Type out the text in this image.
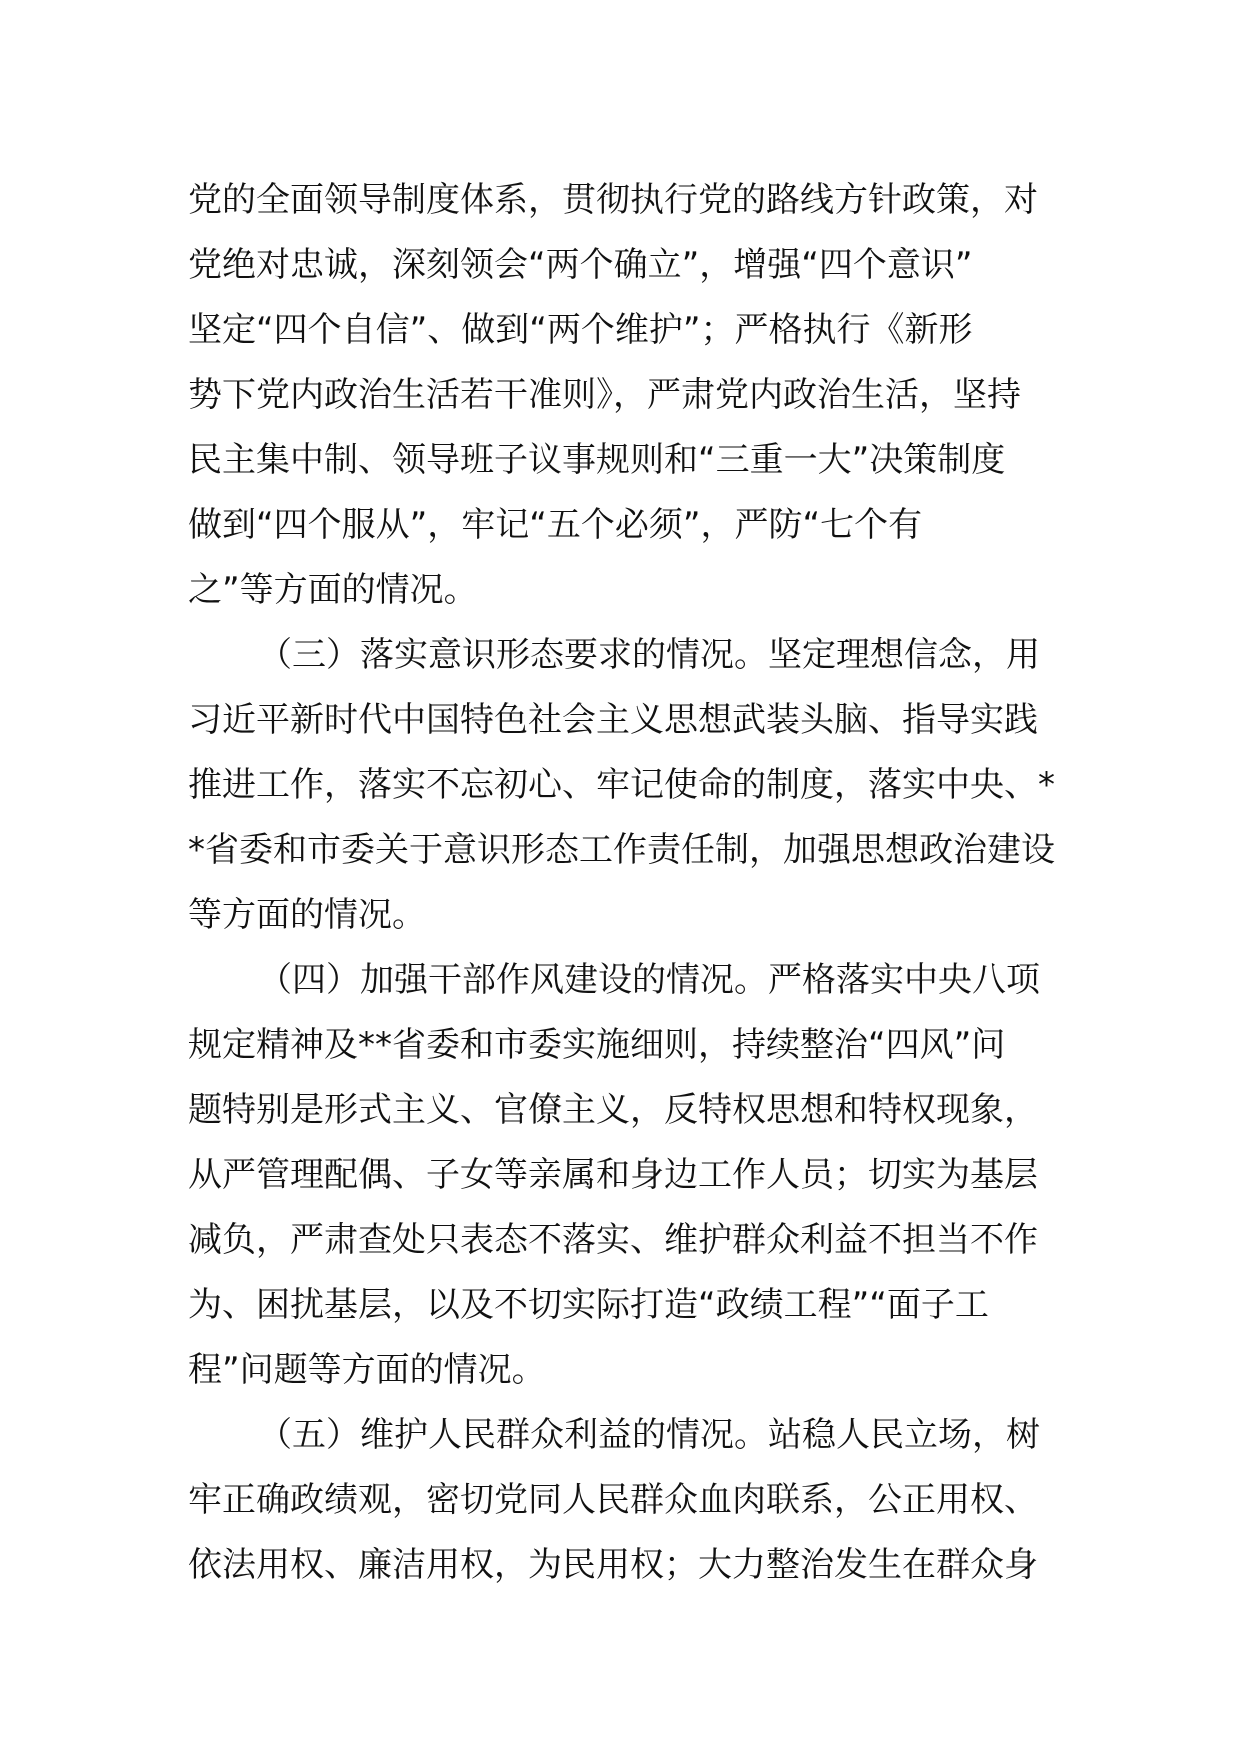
党的全面领导制度体系，贯彻执行党的路线方针政策，对
党绝对忠诚，深刻领会“两个确立”，增强“四个意识”
坚定“四个自信”、做到“两个维护”；严格执行《新形
势下党内政治生活若干准则》，严肃党内政治生活，坚持
民主集中制、领导班子议事规则和“三重一大”决策制度
做到“四个服从”，牢记“五个必须”，严防“七个有
之”等方面的情况。
（三）落实意识形态要求的情况。坚定理想信念，用
习近平新时代中国特色社会主义思想武装头脑、指导实践
推进工作，落实不忘初心、牢记使命的制度，落实中央、*
*省委和市委关于意识形态工作责任制，加强思想政治建设
等方面的情况。
（四）加强干部作风建设的情况。严格落实中央八项
规定精神及**省委和市委实施细则，持续整治“四风”问
题特别是形式主义、官僚主义，反特权思想和特权现象，
从严管理配偶、子女等亲属和身边工作人员；切实为基层
减负，严肃查处只表态不落实、维护群众利益不担当不作
为、困扰基层，以及不切实际打造“政绩工程”“面子工
程”问题等方面的情况。
（五）维护人民群众利益的情况。站稳人民立场，树
牢正确政绩观，密切党同人民群众血肉联系，公正用权、
依法用权、廉洁用权，为民用权；大力整治发生在群众身
